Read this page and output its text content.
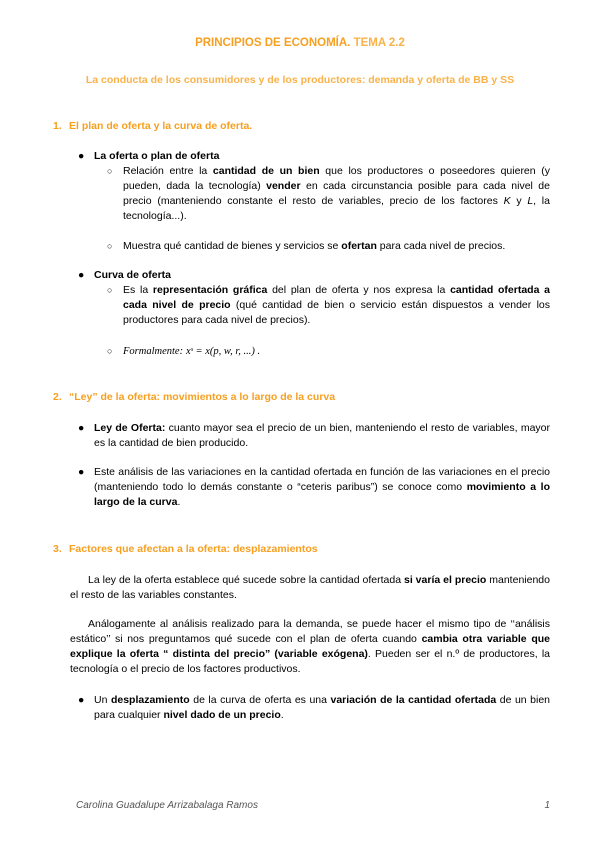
PRINCIPIOS DE ECONOMÍA. TEMA 2.2
La conducta de los consumidores y de los productores: demanda y oferta de BB y SS
1. El plan de oferta y la curva de oferta.
● La oferta o plan de oferta
○ Relación entre la cantidad de un bien que los productores o poseedores quieren (y pueden, dada la tecnología) vender en cada circunstancia posible para cada nivel de precio (manteniendo constante el resto de variables, precio de los factores K y L, la tecnología...).
○ Muestra qué cantidad de bienes y servicios se ofertan para cada nivel de precios.
● Curva de oferta
○ Es la representación gráfica del plan de oferta y nos expresa la cantidad ofertada a cada nivel de precio (qué cantidad de bien o servicio están dispuestos a vender los productores para cada nivel de precios).
○ Formalmente: xˢ = x(p, w, r, ...) .
2. “Ley” de la oferta: movimientos a lo largo de la curva
● Ley de Oferta: cuanto mayor sea el precio de un bien, manteniendo el resto de variables, mayor es la cantidad de bien producido.
● Este análisis de las variaciones en la cantidad ofertada en función de las variaciones en el precio (manteniendo todo lo demás constante o “ceteris paribus”) se conoce como movimiento a lo largo de la curva.
3. Factores que afectan a la oferta: desplazamientos
La ley de la oferta establece qué sucede sobre la cantidad ofertada si varía el precio manteniendo el resto de las variables constantes.
Análogamente al análisis realizado para la demanda, se puede hacer el mismo tipo de ‘‘análisis estático’’ si nos preguntamos qué sucede con el plan de oferta cuando cambia otra variable que explique la oferta “ distinta del precio” (variable exógena). Pueden ser el n.º de productores, la tecnología o el precio de los factores productivos.
● Un desplazamiento de la curva de oferta es una variación de la cantidad ofertada de un bien para cualquier nivel dado de un precio.
Carolina Guadalupe Arrizabalaga Ramos	1
